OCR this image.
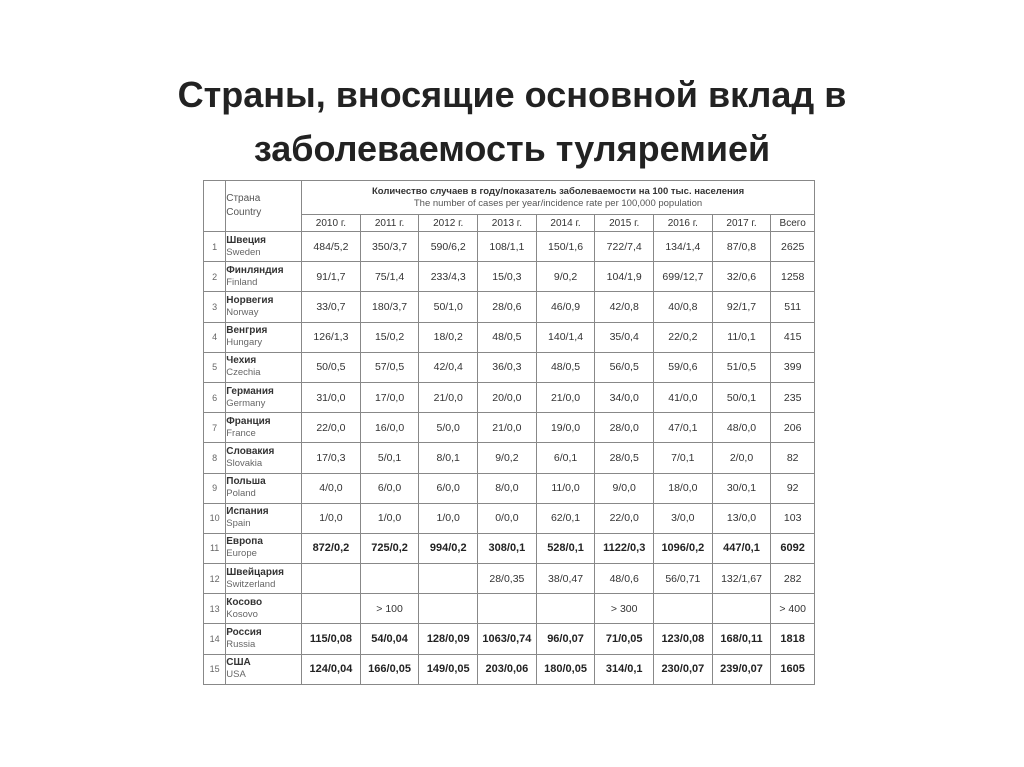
Страны, вносящие основной вклад в
заболеваемость туляремией

	Страна
Country	Количество случаев в году/показатель заболеваемости на 100 тыс. населения
The number of cases per year/incidence rate per 100,000 population								

		2010 г.	2011 г.	2012 г.	2013 г.	2014 г.	2015 г.	2016 г.	2017 г.	Всего
1	Швеция
Sweden	484/5,2	350/3,7	590/6,2	108/1,1	150/1,6	722/7,4	134/1,4	87/0,8	2625
2	Финляндия
Finland	91/1,7	75/1,4	233/4,3	15/0,3	9/0,2	104/1,9	699/12,7	32/0,6	1258
3	Норвегия
Norway	33/0,7	180/3,7	50/1,0	28/0,6	46/0,9	42/0,8	40/0,8	92/1,7	511
4	Венгрия
Hungary	126/1,3	15/0,2	18/0,2	48/0,5	140/1,4	35/0,4	22/0,2	11/0,1	415
5	Чехия
Czechia	50/0,5	57/0,5	42/0,4	36/0,3	48/0,5	56/0,5	59/0,6	51/0,5	399
6	Германия
Germany	31/0,0	17/0,0	21/0,0	20/0,0	21/0,0	34/0,0	41/0,0	50/0,1	235
7	Франция
France	22/0,0	16/0,0	5/0,0	21/0,0	19/0,0	28/0,0	47/0,1	48/0,0	206
8	Словакия
Slovakia	17/0,3	5/0,1	8/0,1	9/0,2	6/0,1	28/0,5	7/0,1	2/0,0	82
9	Польша
Poland	4/0,0	6/0,0	6/0,0	8/0,0	11/0,0	9/0,0	18/0,0	30/0,1	92
10	Испания
Spain	1/0,0	1/0,0	1/0,0	0/0,0	62/0,1	22/0,0	3/0,0	13/0,0	103
11	Европа
Europe	872/0,2	725/0,2	994/0,2	308/0,1	528/0,1	1122/0,3	1096/0,2	447/0,1	6092
12	Швейцария
Switzerland				28/0,35	38/0,47	48/0,6	56/0,71	132/1,67	282
13	Косово
Kosovo		> 100				> 300			> 400
14	Россия
Russia	115/0,08	54/0,04	128/0,09	1063/0,74	96/0,07	71/0,05	123/0,08	168/0,11	1818
15	США
USA	124/0,04	166/0,05	149/0,05	203/0,06	180/0,05	314/0,1	230/0,07	239/0,07	1605
